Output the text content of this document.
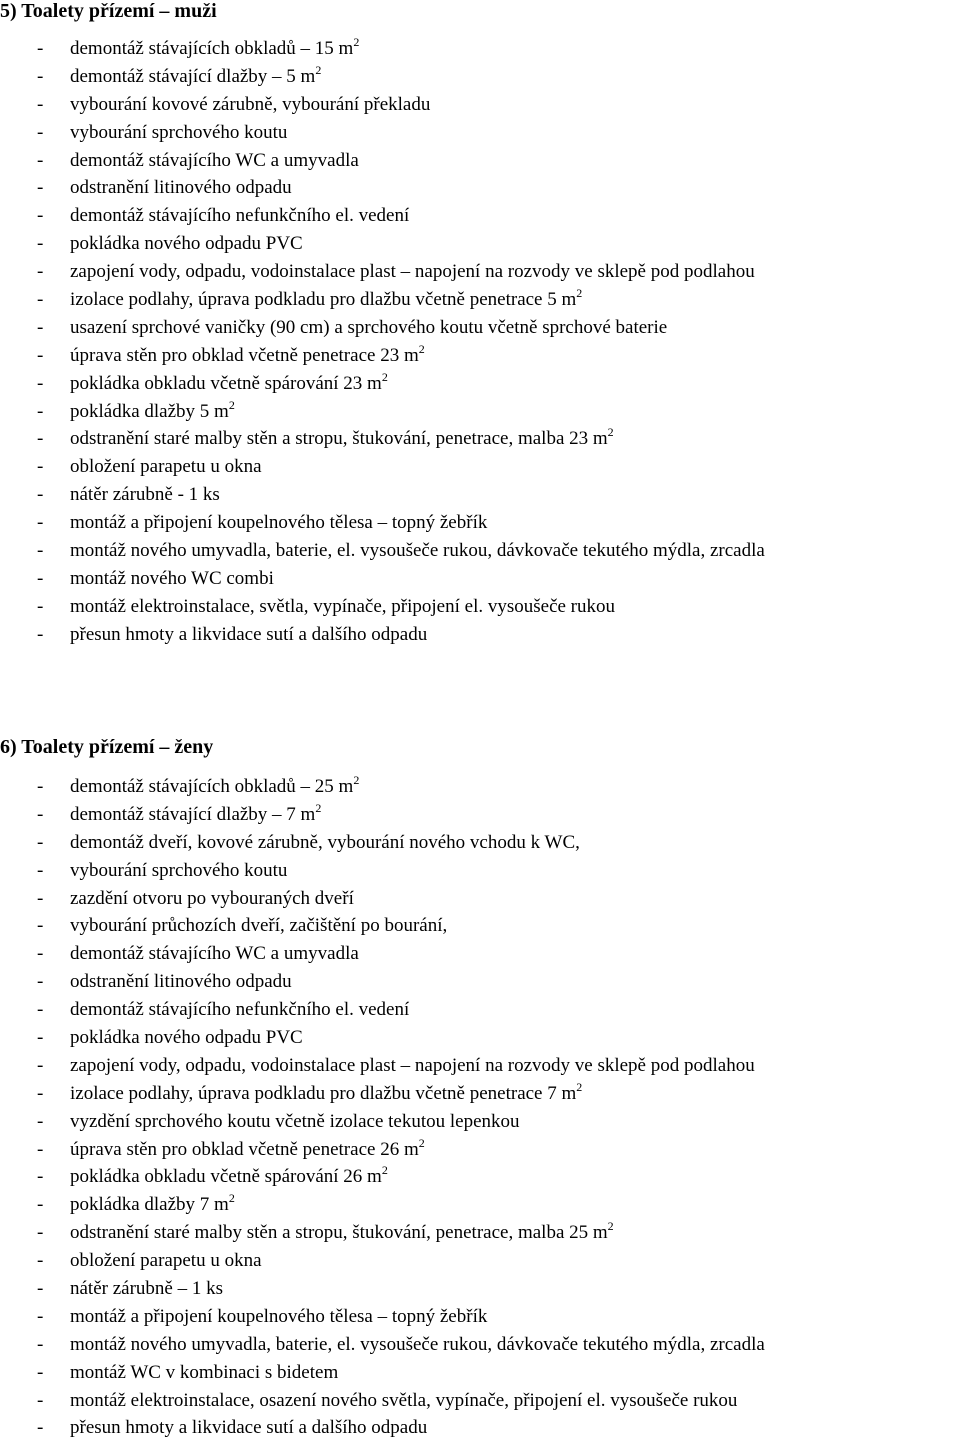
5) Toalety přízemí – muži
- demontáž stávajících obkladů – 15 $m^2$
- demontáž stávající dlažby – 5 $m^2$
- vybourání kovové zárubně, vybourání překladu
- vybourání sprchového koutu
- demontáž stávajícího WC a umyvadla
- odstranění litinového odpadu
- demontáž stávajícího nefunkčního el. vedení
- pokládka nového odpadu PVC
- zapojení vody, odpadu, vodoinstalace plast – napojení na rozvody ve sklepě pod podlahou
- izolace podlahy, úprava podkladu pro dlažbu včetně penetrace 5 $m^2$
- usazení sprchové vaničky (90 cm) a sprchového koutu včetně sprchové baterie
- úprava stěn pro obklad včetně penetrace 23 $m^2$
- pokládka obkladu včetně spárování 23 $m^2$
- pokládka dlažby 5 $m^2$
- odstranění staré malby stěn a stropu, štukování, penetrace, malba 23 $m^2$
- obložení parapetu u okna
- nátěr zárubně - 1 ks
- montáž a připojení koupelnového tělesa – topný žebřík
- montáž nového umyvadla, baterie, el. vysoušeče rukou, dávkovače tekutého mýdla, zrcadla
- montáž nového WC combi
- montáž elektroinstalace, světla, vypínače, připojení el. vysoušeče rukou
- přesun hmoty a likvidace sutí a dalšího odpadu
6) Toalety přízemí – ženy
- demontáž stávajících obkladů – 25 $m^2$
- demontáž stávající dlažby – 7 $m^2$
- demontáž dveří, kovové zárubně, vybourání nového vchodu k WC,
- vybourání sprchového koutu
- zazdění otvoru po vybouraných dveří
- vybourání průchozích dveří, začištění po bourání,
- demontáž stávajícího WC a umyvadla
- odstranění litinového odpadu
- demontáž stávajícího nefunkčního el. vedení
- pokládka nového odpadu PVC
- zapojení vody, odpadu, vodoinstalace plast – napojení na rozvody ve sklepě pod podlahou
- izolace podlahy, úprava podkladu pro dlažbu včetně penetrace 7 $m^2$
- vyzdění sprchového koutu včetně izolace tekutou lepenkou
- úprava stěn pro obklad včetně penetrace 26 $m^2$
- pokládka obkladu včetně spárování 26 $m^2$
- pokládka dlažby 7 $m^2$
- odstranění staré malby stěn a stropu, štukování, penetrace, malba 25 $m^2$
- obložení parapetu u okna
- nátěr zárubně – 1 ks
- montáž a připojení koupelnového tělesa – topný žebřík
- montáž nového umyvadla, baterie, el. vysoušeče rukou, dávkovače tekutého mýdla, zrcadla
- montáž WC v kombinaci s bidetem
- montáž elektroinstalace, osazení nového světla, vypínače, připojení el. vysoušeče rukou
- přesun hmoty a likvidace sutí a dalšího odpadu
